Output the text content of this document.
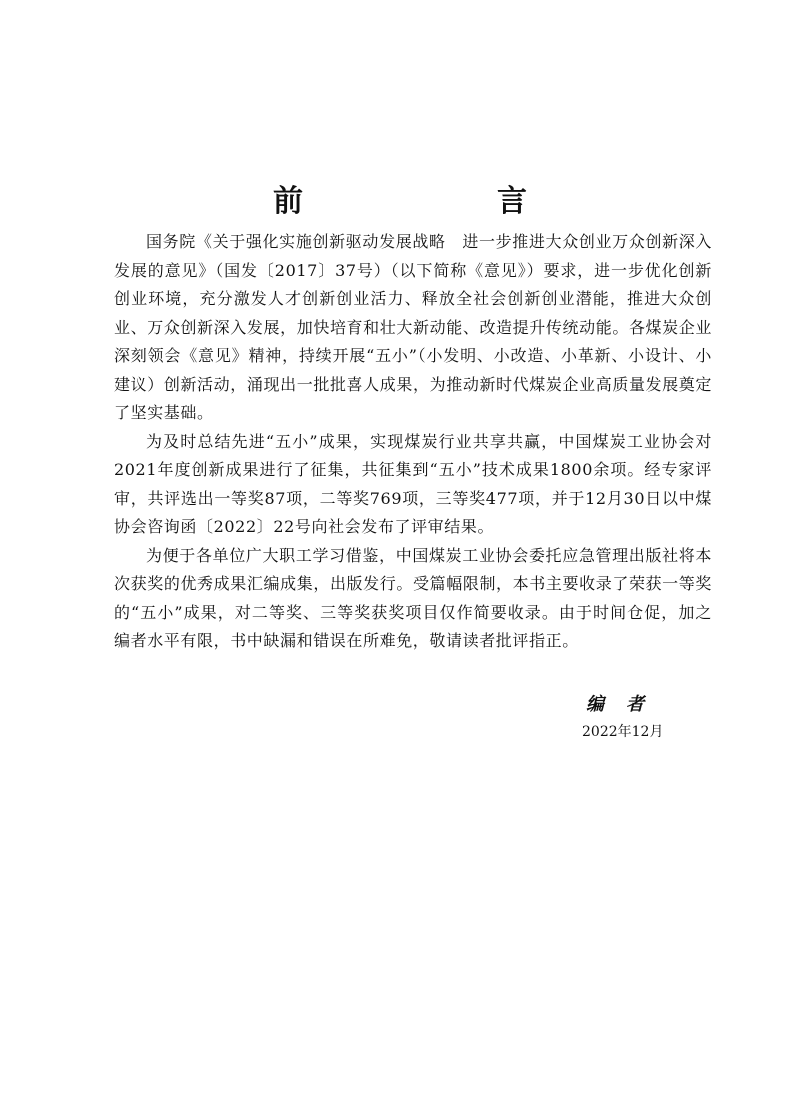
前　言

国务院《关于强化实施创新驱动发展战略　进一步推进大众创业万众创新深入发展的意见》（国发〔2017〕37号）（以下简称《意见》）要求，进一步优化创新创业环境，充分激发人才创新创业活力、释放全社会创新创业潜能，推进大众创业、万众创新深入发展，加快培育和壮大新动能、改造提升传统动能。各煤炭企业深刻领会《意见》精神，持续开展“五小”（小发明、小改造、小革新、小设计、小建议）创新活动，涌现出一批批喜人成果，为推动新时代煤炭企业高质量发展奠定了坚实基础。

为及时总结先进“五小”成果，实现煤炭行业共享共赢，中国煤炭工业协会对2021年度创新成果进行了征集，共征集到“五小”技术成果1800余项。经专家评审，共评选出一等奖87项，二等奖769项，三等奖477项，并于12月30日以中煤协会咨询函〔2022〕22号向社会发布了评审结果。

为便于各单位广大职工学习借鉴，中国煤炭工业协会委托应急管理出版社将本次获奖的优秀成果汇编成集，出版发行。受篇幅限制，本书主要收录了荣获一等奖的“五小”成果，对二等奖、三等奖获奖项目仅作简要收录。由于时间仓促，加之编者水平有限，书中缺漏和错误在所难免，敬请读者批评指正。

编　者
2022年12月
